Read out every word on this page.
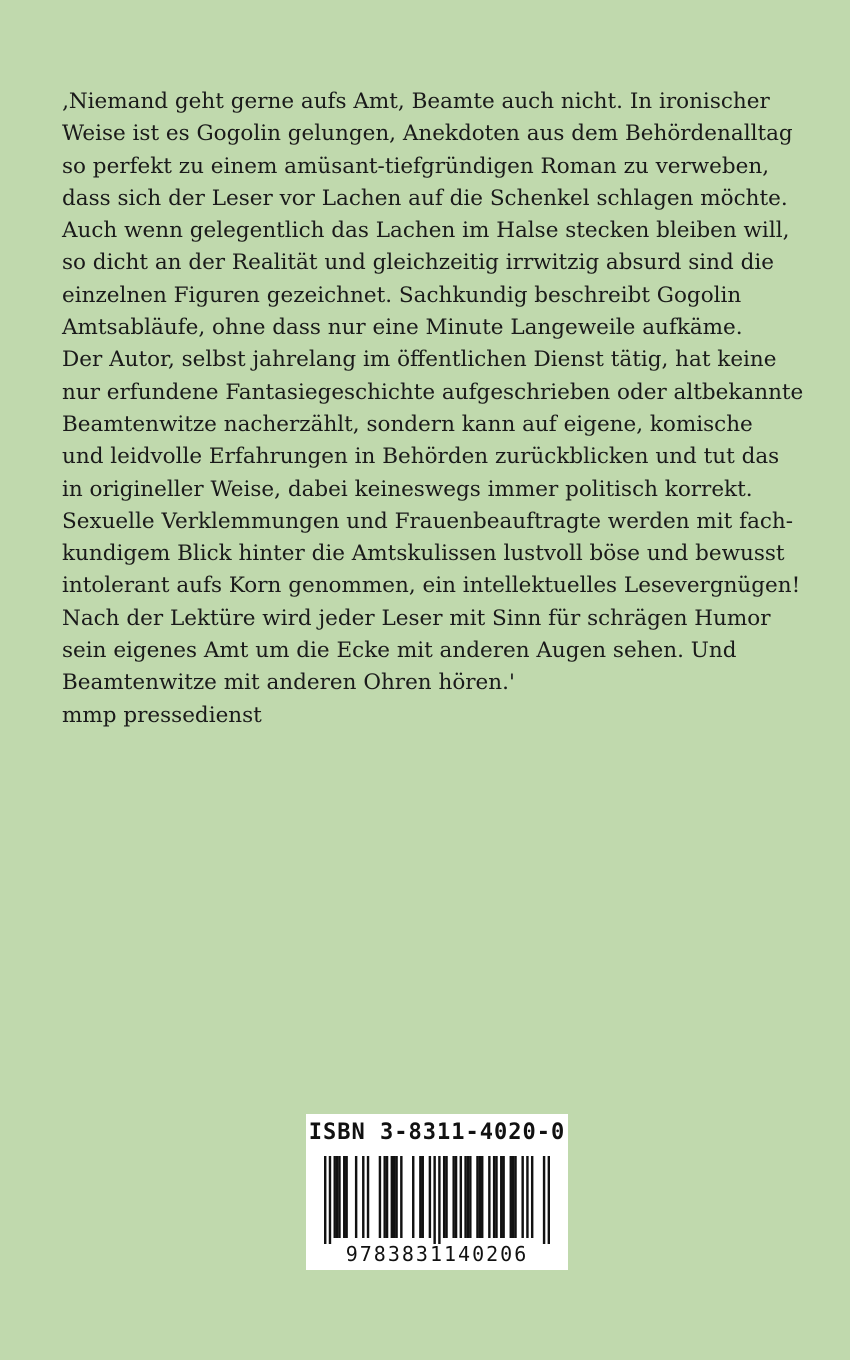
‚Niemand geht gerne aufs Amt, Beamte auch nicht. In ironischer
Weise ist es Gogolin gelungen, Anekdoten aus dem Behördenalltag
so perfekt zu einem amüsant-tiefgründigen Roman zu verweben,
dass sich der Leser vor Lachen auf die Schenkel schlagen möchte.
Auch wenn gelegentlich das Lachen im Halse stecken bleiben will,
so dicht an der Realität und gleichzeitig irrwitzig absurd sind die
einzelnen Figuren gezeichnet. Sachkundig beschreibt Gogolin
Amtsabläufe, ohne dass nur eine Minute Langeweile aufkäme.
Der Autor, selbst jahrelang im öffentlichen Dienst tätig, hat keine
nur erfundene Fantasiegeschichte aufgeschrieben oder altbekannte
Beamtenwitze nacherzählt, sondern kann auf eigene, komische
und leidvolle Erfahrungen in Behörden zurückblicken und tut das
in origineller Weise, dabei keineswegs immer politisch korrekt.
Sexuelle Verklemmungen und Frauenbeauftragte werden mit fach-
kundigem Blick hinter die Amtskulissen lustvoll böse und bewusst
intolerant aufs Korn genommen, ein intellektuelles Lesevergnügen!
Nach der Lektüre wird jeder Leser mit Sinn für schrägen Humor
sein eigenes Amt um die Ecke mit anderen Augen sehen. Und
Beamtenwitze mit anderen Ohren hören.'
mmp pressedienst
ISBN 3-8311-4020-0
9783831140206
